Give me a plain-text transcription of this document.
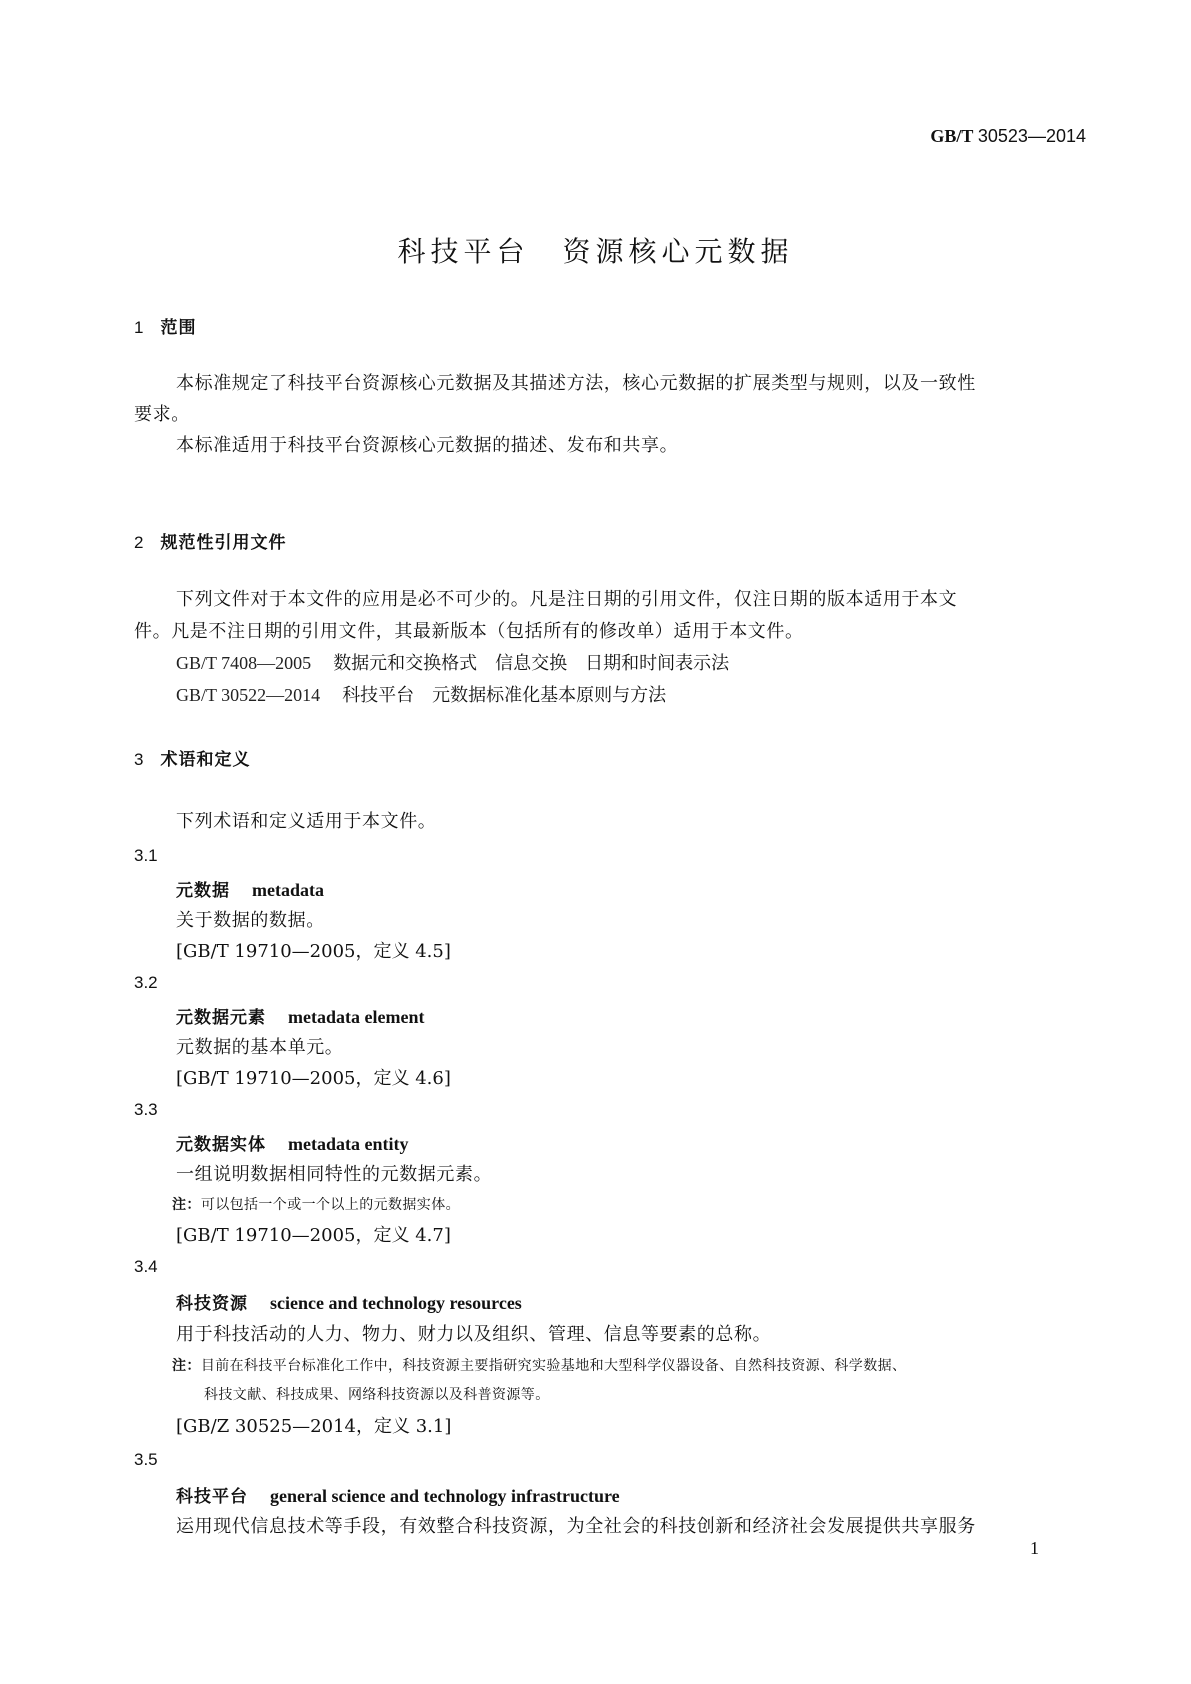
GB/T 30523—2014
科技平台　资源核心元数据
1 范围
本标准规定了科技平台资源核心元数据及其描述方法，核心元数据的扩展类型与规则，以及一致性
要求。
本标准适用于科技平台资源核心元数据的描述、发布和共享。
2 规范性引用文件
下列文件对于本文件的应用是必不可少的。凡是注日期的引用文件，仅注日期的版本适用于本文
件。凡是不注日期的引用文件，其最新版本（包括所有的修改单）适用于本文件。
GB/T 7408—2005 数据元和交换格式　信息交换　日期和时间表示法
GB/T 30522—2014 科技平台　元数据标准化基本原则与方法
3 术语和定义
下列术语和定义适用于本文件。
3.1
元数据 metadata
关于数据的数据。
[GB/T 19710—2005，定义 4.5]
3.2
元数据元素 metadata element
元数据的基本单元。
[GB/T 19710—2005，定义 4.6]
3.3
元数据实体 metadata entity
一组说明数据相同特性的元数据元素。
注：可以包括一个或一个以上的元数据实体。
[GB/T 19710—2005，定义 4.7]
3.4
科技资源 science and technology resources
用于科技活动的人力、物力、财力以及组织、管理、信息等要素的总称。
注：目前在科技平台标准化工作中，科技资源主要指研究实验基地和大型科学仪器设备、自然科技资源、科学数据、
科技文献、科技成果、网络科技资源以及科普资源等。
[GB/Z 30525—2014，定义 3.1]
3.5
科技平台 general science and technology infrastructure
运用现代信息技术等手段，有效整合科技资源，为全社会的科技创新和经济社会发展提供共享服务
1
